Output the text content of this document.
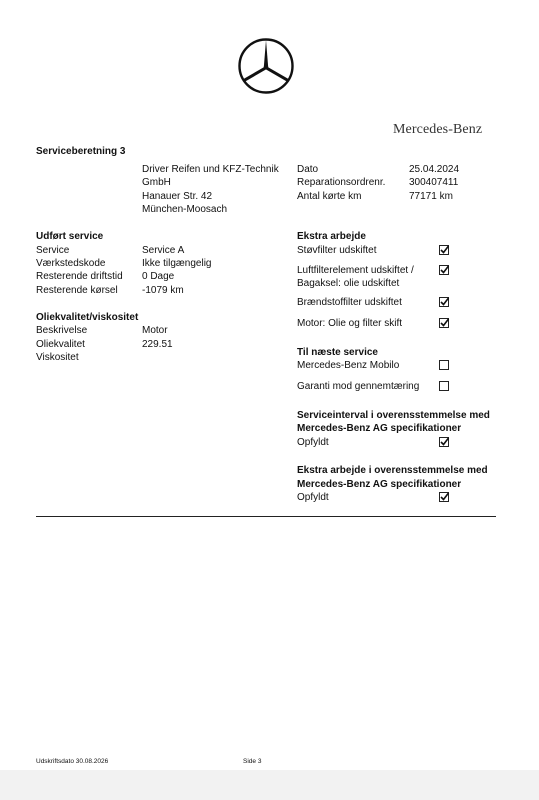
Mercedes-Benz
Serviceberetning 3
Driver Reifen und KFZ-Technik
GmbH
Hanauer Str. 42
München-Moosach
Dato	25.04.2024
Reparationsordrenr. 300407411
Antal kørte km	77171 km
Udført service
Service	Service A
Værkstedskode	Ikke tilgængelig
Resterende driftstid 0 Dage
Resterende kørsel -1079 km
Oliekvalitet/viskositet
Beskrivelse	Motor
Oliekvalitet	229.51
Viskositet
Ekstra arbejde
Støvfilter udskiftet
Luftfilterelement udskiftet /
Bagaksel: olie udskiftet
Brændstoffilter udskiftet
Motor: Olie og filter skift
Til næste service
Mercedes-Benz Mobilo
Garanti mod gennemtæring
Serviceinterval i overensstemmelse med
Mercedes-Benz AG specifikationer
Opfyldt
Ekstra arbejde i overensstemmelse med
Mercedes-Benz AG specifikationer
Opfyldt
Udskriftsdato 30.08.2026	Side 3
